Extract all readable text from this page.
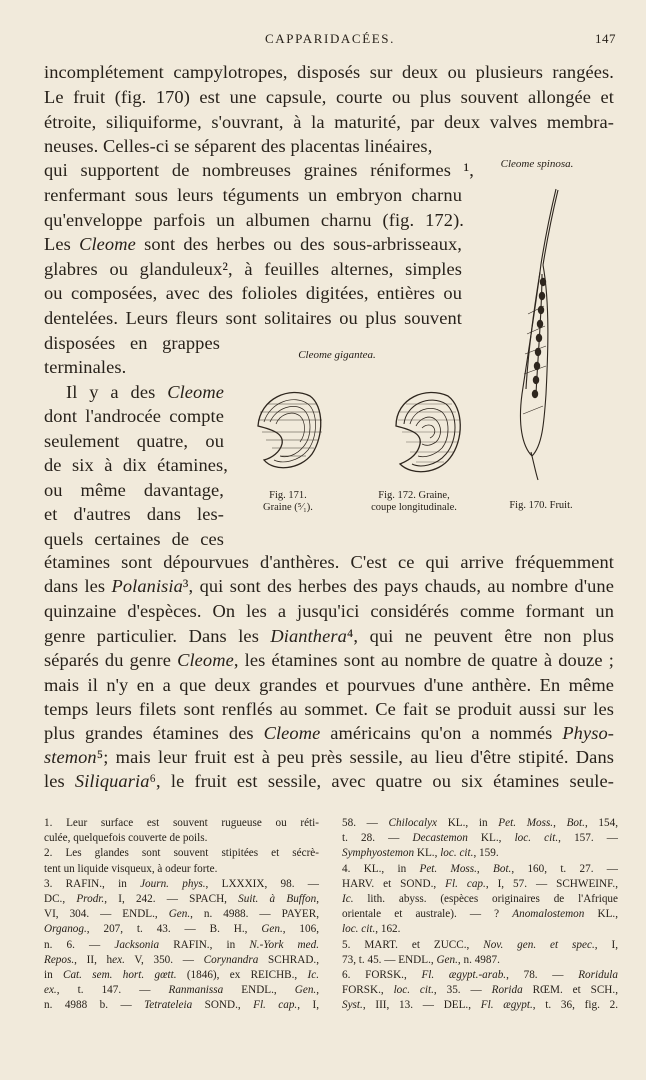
CAPPARIDACÉES.	147
incomplétement campylotropes, disposés sur deux ou plusieurs rangées.
Le fruit (fig. 170) est une capsule, courte ou plus souvent allongée et
étroite, siliquiforme, s'ouvrant, à la maturité, par deux valves membra-
neuses. Celles-ci se séparent des placentas linéaires,
qui supportent de nombreuses graines réniformes ¹,
renfermant sous leurs téguments un embryon charnu
qu'enveloppe parfois un albumen charnu (fig. 172).
Les Cleome sont des herbes ou des sous-arbrisseaux,
glabres ou glanduleux², à feuilles alternes, simples
ou composées, avec des folioles digitées, entières ou
dentelées. Leurs fleurs sont solitaires ou plus souvent
disposées en grappes
terminales.
Il y a des Cleome
dont l'androcée compte
seulement quatre, ou
de six à dix étamines,
ou même davantage,
et d'autres dans les-
quels certaines de ces
étamines sont dépourvues d'anthères. C'est ce qui arrive fréquemment
dans les Polanisia³, qui sont des herbes des pays chauds, au nombre d'une
quinzaine d'espèces. On les a jusqu'ici considérés comme formant un
genre particulier. Dans les Dianthera⁴, qui ne peuvent être non plus
séparés du genre Cleome, les étamines sont au nombre de quatre à douze ;
mais il n'y en a que deux grandes et pourvues d'une anthère. En même
temps leurs filets sont renflés au sommet. Ce fait se produit aussi sur les
plus grandes étamines des Cleome américains qu'on a nommés Physo-
stemon⁵; mais leur fruit est à peu près sessile, au lieu d'être stipité. Dans
les Siliquaria⁶, le fruit est sessile, avec quatre ou six étamines seule-
Cleome spinosa.
Fig. 170. Fruit.
Cleome gigantea.
Fig. 171.
Graine (⁵⁄₁).
Fig. 172. Graine,
coupe longitudinale.
1. Leur surface est souvent rugueuse ou réti-
culée, quelquefois couverte de poils.
2. Les glandes sont souvent stipitées et sécrè-
tent un liquide visqueux, à odeur forte.
3. RAFIN., in Journ. phys., LXXXIX, 98. —
DC., Prodr., I, 242. — SPACH, Suit. à Buffon,
VI, 304. — ENDL., Gen., n. 4988. — PAYER,
Organog., 207, t. 43. — B. H., Gen., 106,
n. 6. — Jacksonia RAFIN., in N.-York med.
Repos., II, hex. V, 350. — Corynandra SCHRAD.,
in Cat. sem. hort. gœtt. (1846), ex REICHB., Ic.
ex., t. 147. — Ranmanissa ENDL., Gen.,
n. 4988 b. — Tetrateleia SOND., Fl. cap., I,
58. — Chilocalyx KL., in Pet. Moss., Bot., 154,
t. 28. — Decastemon KL., loc. cit., 157. —
Symphyostemon KL., loc. cit., 159.
4. KL., in Pet. Moss., Bot., 160, t. 27. —
HARV. et SOND., Fl. cap., I, 57. — SCHWEINF.,
Ic. lith. abyss. (espèces originaires de l'Afrique
orientale et australe). — ? Anomalostemon KL.,
loc. cit., 162.
5. MART. et ZUCC., Nov. gen. et spec., I,
73, t. 45. — ENDL., Gen., n. 4987.
6. FORSK., Fl. ægypt.-arab., 78. — Roridula
FORSK., loc. cit., 35. — Rorida RŒM. et SCH.,
Syst., III, 13. — DEL., Fl. ægypt., t. 36, fig. 2.
